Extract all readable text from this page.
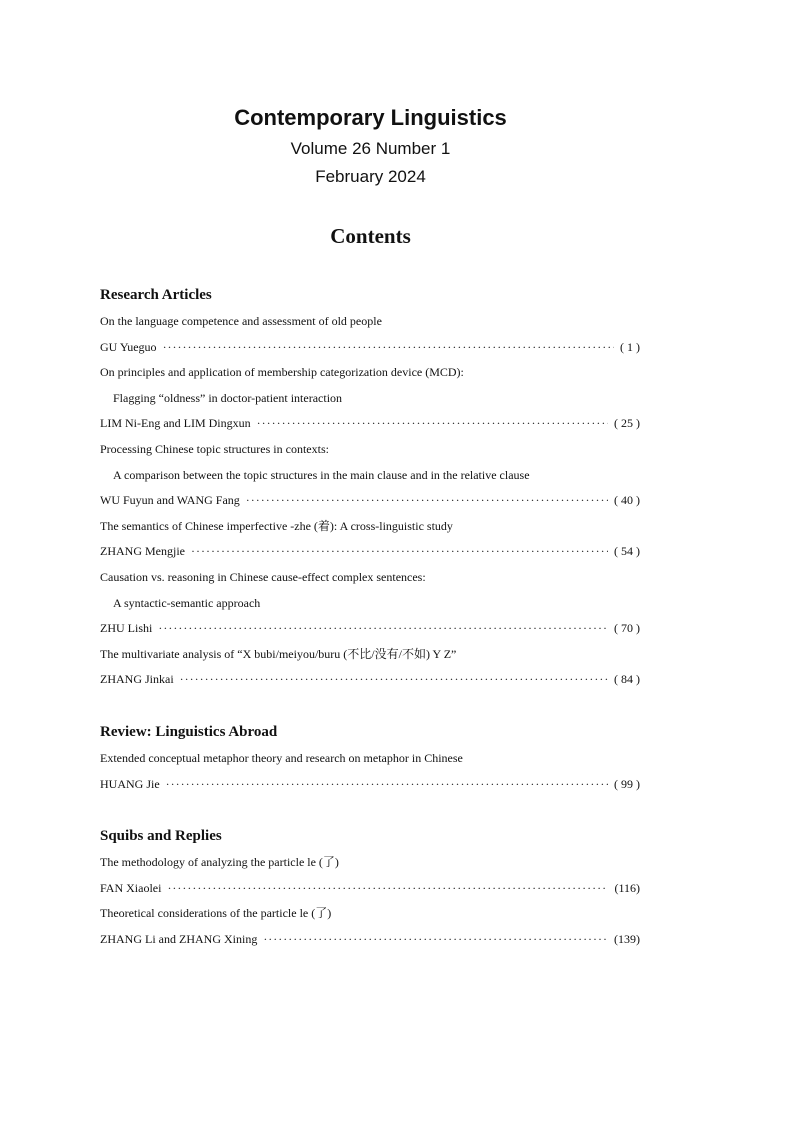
Contemporary Linguistics
Volume 26 Number 1
February 2024
Contents
Research Articles
On the language competence and assessment of old people
GU Yueguo ·····	( 1 )
On principles and application of membership categorization device (MCD):
Flagging “oldness” in doctor-patient interaction
LIM Ni-Eng and LIM Dingxun ·····	( 25 )
Processing Chinese topic structures in contexts:
A comparison between the topic structures in the main clause and in the relative clause
WU Fuyun and WANG Fang ·····	( 40 )
The semantics of Chinese imperfective -zhe (着): A cross-linguistic study
ZHANG Mengjie ·····	( 54 )
Causation vs. reasoning in Chinese cause-effect complex sentences:
A syntactic-semantic approach
ZHU Lishi ·····	( 70 )
The multivariate analysis of “X bubi/meiyou/buru (不比/没有/不如) Y Z”
ZHANG Jinkai ·····	( 84 )
Review: Linguistics Abroad
Extended conceptual metaphor theory and research on metaphor in Chinese
HUANG Jie ·····	( 99 )
Squibs and Replies
The methodology of analyzing the particle le (了)
FAN Xiaolei ·····	(116)
Theoretical considerations of the particle le (了)
ZHANG Li and ZHANG Xining ·····	(139)
